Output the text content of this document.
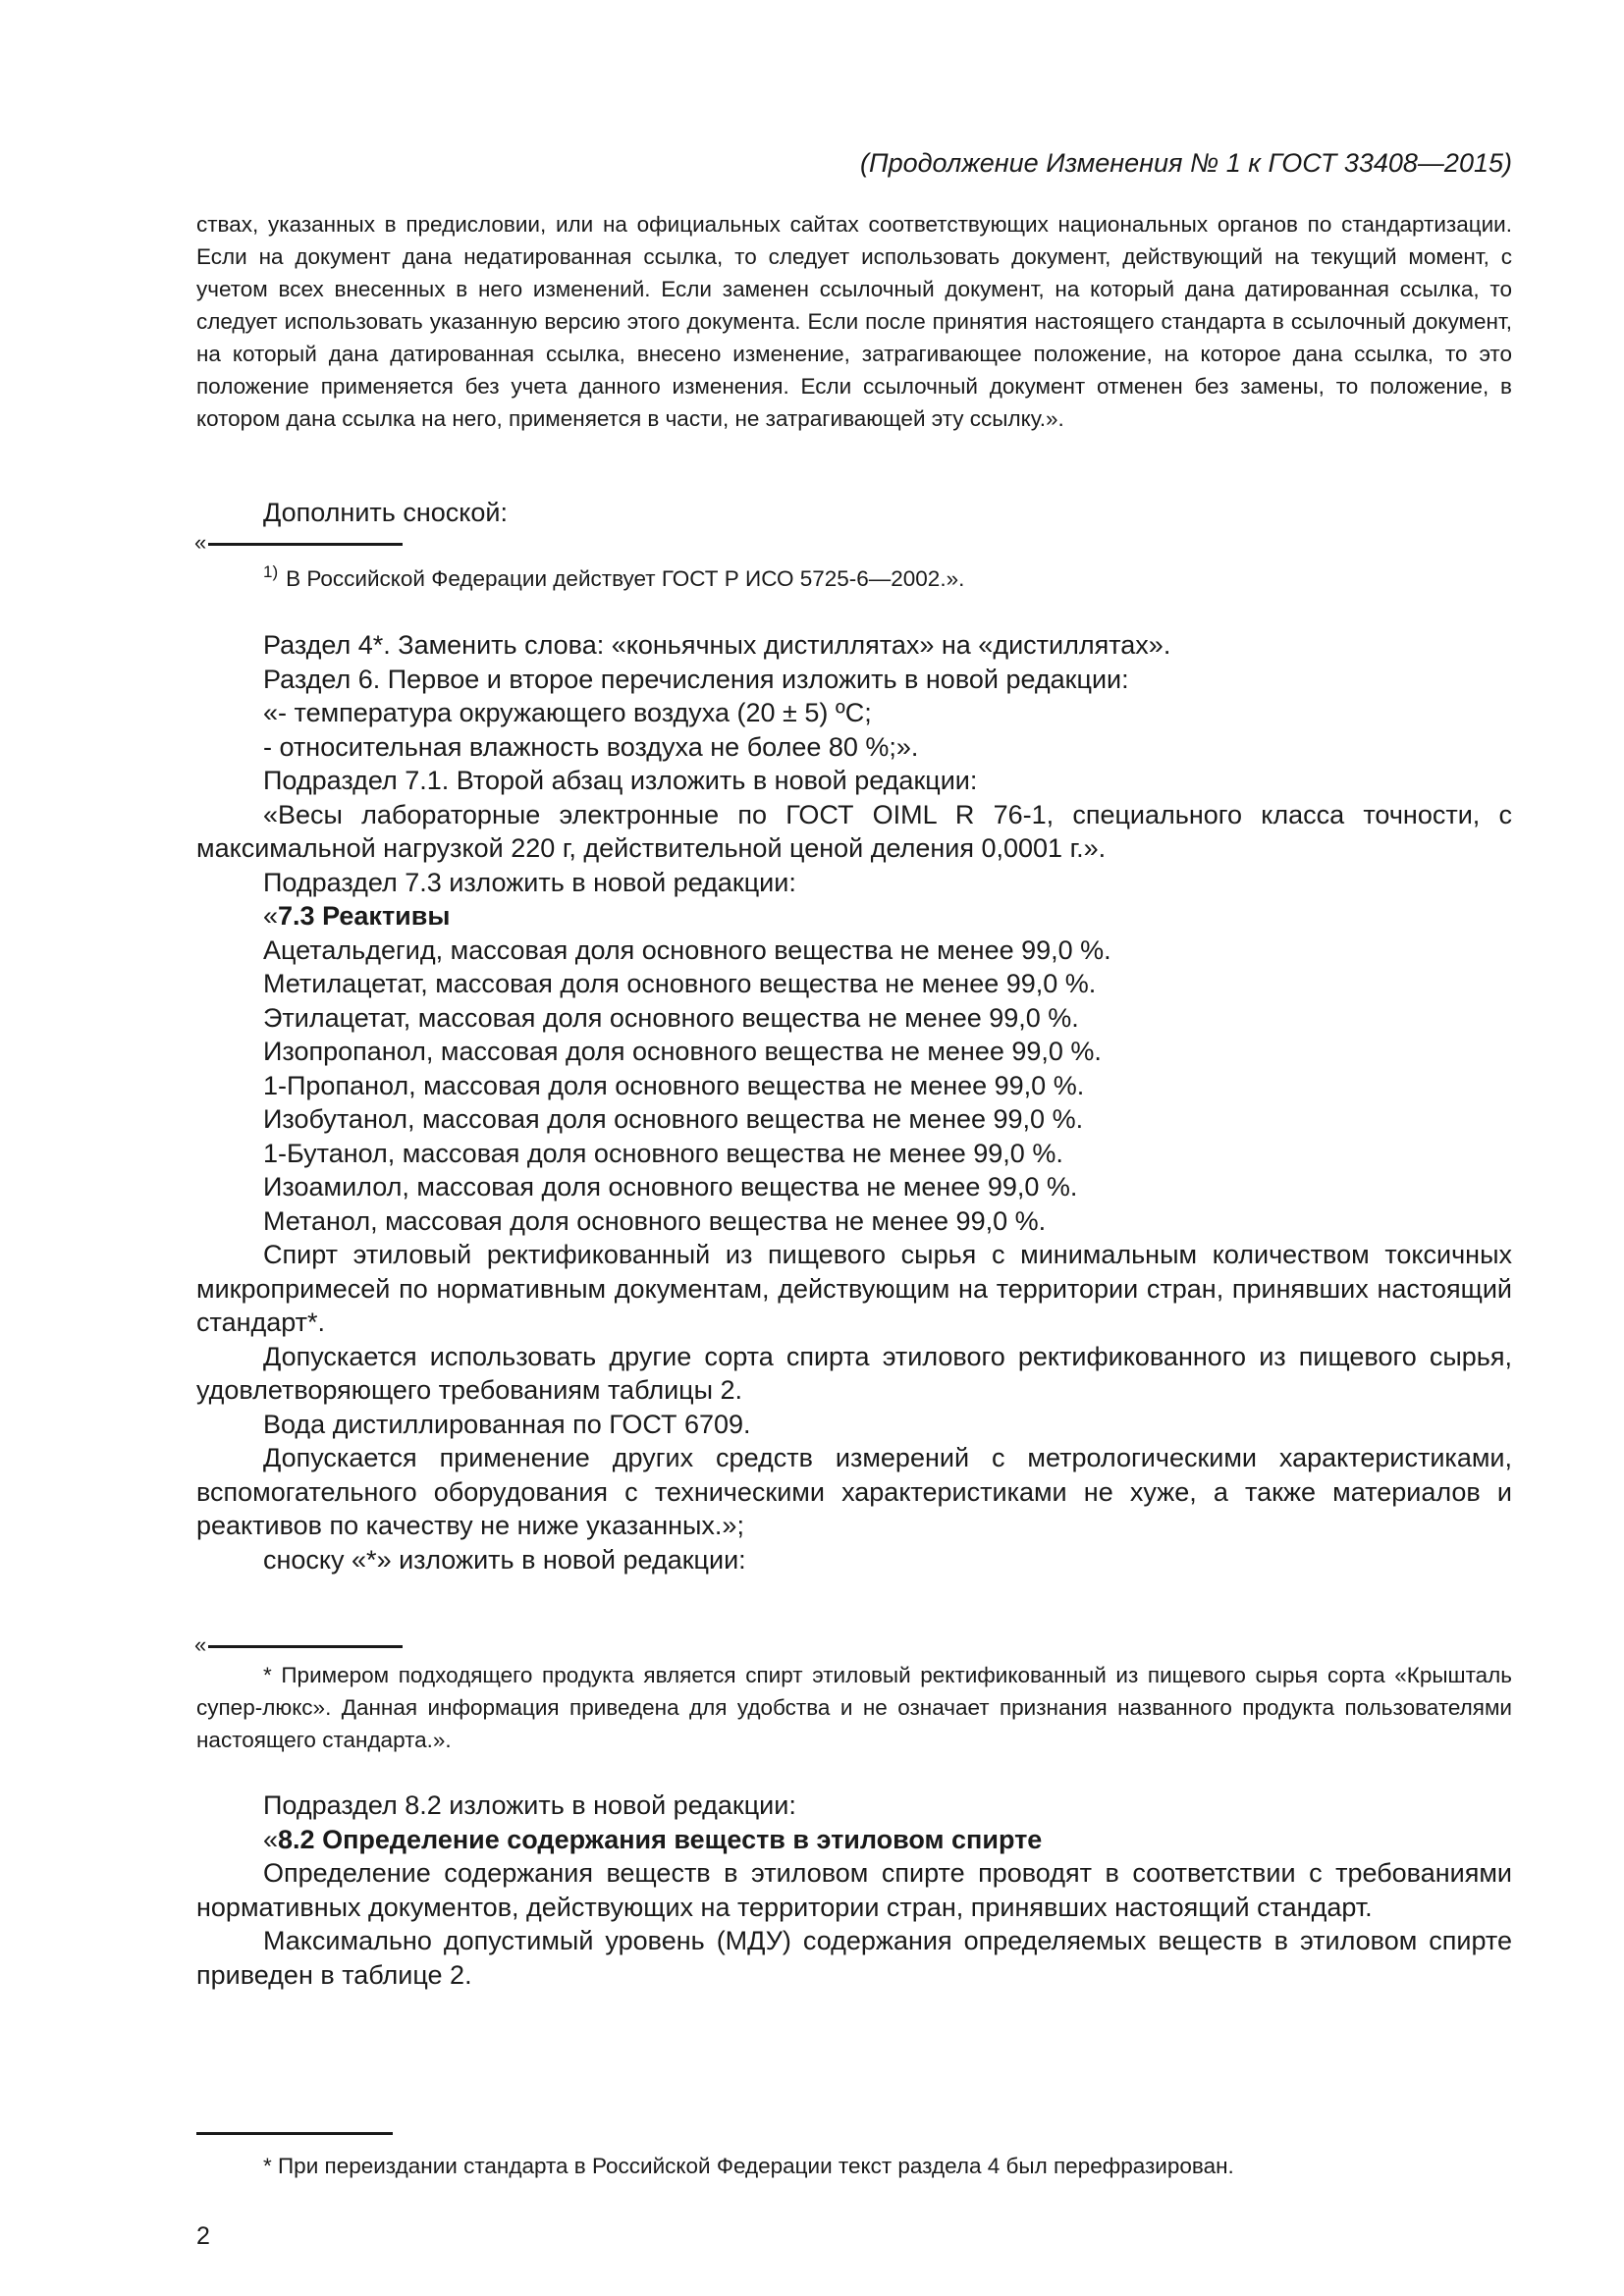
(Продолжение Изменения № 1 к ГОСТ 33408—2015)

ствах, указанных в предисловии, или на официальных сайтах соответствующих национальных органов по стандартизации. Если на документ дана недатированная ссылка, то следует использовать документ, действующий на текущий момент, с учетом всех внесенных в него изменений. Если заменен ссылочный документ, на который дана датированная ссылка, то следует использовать указанную версию этого документа. Если после принятия настоящего стандарта в ссылочный документ, на который дана датированная ссылка, внесено изменение, затрагивающее положение, на которое дана ссылка, то это положение применяется без учета данного изменения. Если ссылочный документ отменен без замены, то положение, в котором дана ссылка на него, применяется в части, не затрагивающей эту ссылку.».

Дополнить сноской:

«
$^{1)}$ В Российской Федерации действует ГОСТ Р ИСО 5725-6—2002.».

Раздел 4*. Заменить слова: «коньячных дистиллятах» на «дистиллятах».

Раздел 6. Первое и второе перечисления изложить в новой редакции:

«- температура окружающего воздуха (20 ± 5) ºС;

- относительная влажность воздуха не более 80 %;».

Подраздел 7.1. Второй абзац изложить в новой редакции:

«Весы лабораторные электронные по ГОСТ OIML R 76-1, специального класса точности, с максимальной нагрузкой 220 г, действительной ценой деления 0,0001 г.».

Подраздел 7.3 изложить в новой редакции:

«7.3 Реактивы

Ацетальдегид, массовая доля основного вещества не менее 99,0 %.

Метилацетат, массовая доля основного вещества не менее 99,0 %.

Этилацетат, массовая доля основного вещества не менее 99,0 %.

Изопропанол, массовая доля основного вещества не менее 99,0 %.

1-Пропанол, массовая доля основного вещества не менее 99,0 %.

Изобутанол, массовая доля основного вещества не менее 99,0 %.

1-Бутанол, массовая доля основного вещества не менее 99,0 %.

Изоамилол, массовая доля основного вещества не менее 99,0 %.

Метанол, массовая доля основного вещества не менее 99,0 %.

Спирт этиловый ректификованный из пищевого сырья с минимальным количеством токсичных микропримесей по нормативным документам, действующим на территории стран, принявших настоящий стандарт*.

Допускается использовать другие сорта спирта этилового ректификованного из пищевого сырья, удовлетворяющего требованиям таблицы 2.

Вода дистиллированная по ГОСТ 6709.

Допускается применение других средств измерений с метрологическими характеристиками, вспомогательного оборудования с техническими характеристиками не хуже, а также материалов и реактивов по качеству не ниже указанных.»;

сноску «*» изложить в новой редакции:

«

* Примером подходящего продукта является спирт этиловый ректификованный из пищевого сырья сорта «Крышталь супер-люкс». Данная информация приведена для удобства и не означает признания названного продукта пользователями настоящего стандарта.».

Подраздел 8.2 изложить в новой редакции:

«8.2 Определение содержания веществ в этиловом спирте

Определение содержания веществ в этиловом спирте проводят в соответствии с требованиями нормативных документов, действующих на территории стран, принявших настоящий стандарт.

Максимально допустимый уровень (МДУ) содержания определяемых веществ в этиловом спирте приведен в таблице 2.

* При переиздании стандарта в Российской Федерации текст раздела 4 был перефразирован.

2
